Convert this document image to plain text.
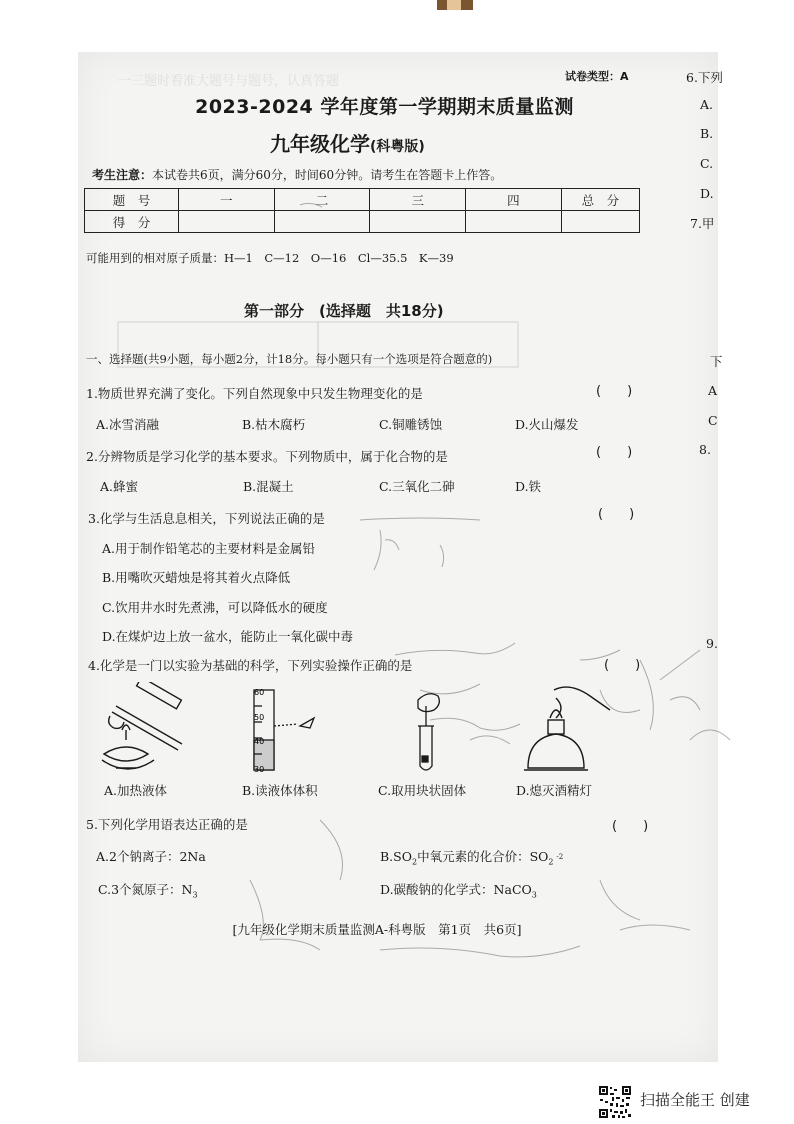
一三题时看准大题号与题号，认真答题
　　　　　　　　　　　　	试卷类型：A
2023-2024 学年度第一学期期末质量监测
九年级化学(科粤版)
考生注意：本试卷共6页，满分60分，时间60分钟。请考生在答题卡上作答。
题　号	一	二	三	四	总　分
得　分					
可能用到的相对原子质量：H—1　C—12　O—16　Cl—35.5　K—39
第一部分　(选择题　共18分)
一、选择题(共9小题，每小题2分，计18分。每小题只有一个选项是符合题意的)
1.物质世界充满了变化。下列自然现象中只发生物理变化的是	(　　)
A.冰雪消融	B.枯木腐朽	C.铜雕锈蚀	D.火山爆发
2.分辨物质是学习化学的基本要求。下列物质中，属于化合物的是	(　　)
A.蜂蜜	B.混凝土	C.三氧化二砷	D.铁
3.化学与生活息息相关，下列说法正确的是	(　　)
A.用于制作铅笔芯的主要材料是金属铅
B.用嘴吹灭蜡烛是将其着火点降低
C.饮用井水时先煮沸，可以降低水的硬度
D.在煤炉边上放一盆水，能防止一氧化碳中毒
4.化学是一门以实验为基础的科学，下列实验操作正确的是	(　　)
A.加热液体
60
50
40
30
B.读液体体积	C.取用块状固体	D.熄灭酒精灯
5.下列化学用语表达正确的是	(　　)
A.2个钠离子：2Na	$B.SO_2$中氧元素的化合价：SO -2
$_2$
C.3个氮原子：$N_3$	D.碳酸钠的化学式：NaCO$_3$
[九年级化学期末质量监测A-科粤版　第1页　共6页]
6.下列
A.
B.
C.
D.
7.甲
下
A
C
8.
9.
扫描全能王 创建
